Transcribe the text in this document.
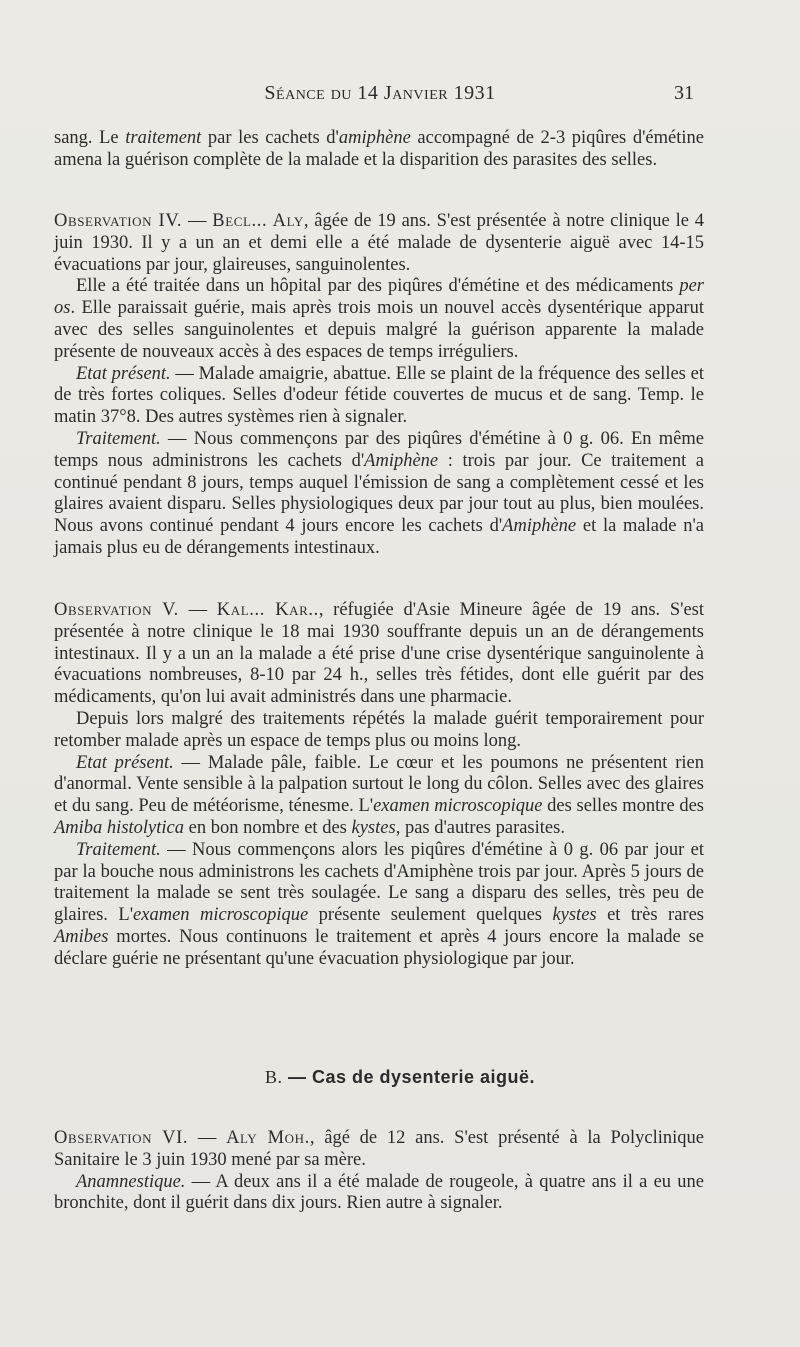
Séance du 14 Janvier 1931	31

sang. Le traitement par les cachets d'amiphène accompagné de 2-3 piqûres d'émétine amena la guérison complète de la malade et la disparition des parasites des selles.

Observation IV. — Becl... Aly, âgée de 19 ans. S'est présentée à notre clinique le 4 juin 1930. Il y a un an et demi elle a été malade de dysenterie aiguë avec 14-15 évacuations par jour, glaireuses, sanguinolentes.

Elle a été traitée dans un hôpital par des piqûres d'émétine et des médicaments per os. Elle paraissait guérie, mais après trois mois un nouvel accès dysentérique apparut avec des selles sanguinolentes et depuis malgré la guérison apparente la malade présente de nouveaux accès à des espaces de temps irréguliers.

Etat présent. — Malade amaigrie, abattue. Elle se plaint de la fréquence des selles et de très fortes coliques. Selles d'odeur fétide couvertes de mucus et de sang. Temp. le matin 37°8. Des autres systèmes rien à signaler.

Traitement. — Nous commençons par des piqûres d'émétine à 0 g. 06. En même temps nous administrons les cachets d'Amiphène : trois par jour. Ce traitement a continué pendant 8 jours, temps auquel l'émission de sang a complètement cessé et les glaires avaient disparu. Selles physiologiques deux par jour tout au plus, bien moulées. Nous avons continué pendant 4 jours encore les cachets d'Amiphène et la malade n'a jamais plus eu de dérangements intestinaux.

Observation V. — Kal... Kar.., réfugiée d'Asie Mineure âgée de 19 ans. S'est présentée à notre clinique le 18 mai 1930 souffrante depuis un an de dérangements intestinaux. Il y a un an la malade a été prise d'une crise dysentérique sanguinolente à évacuations nombreuses, 8-10 par 24 h., selles très fétides, dont elle guérit par des médicaments, qu'on lui avait administrés dans une pharmacie.

Depuis lors malgré des traitements répétés la malade guérit temporairement pour retomber malade après un espace de temps plus ou moins long.

Etat présent. — Malade pâle, faible. Le cœur et les poumons ne présentent rien d'anormal. Vente sensible à la palpation surtout le long du côlon. Selles avec des glaires et du sang. Peu de météorisme, ténesme. L'examen microscopique des selles montre des Amiba histolytica en bon nombre et des kystes, pas d'autres parasites.

Traitement. — Nous commençons alors les piqûres d'émétine à 0 g. 06 par jour et par la bouche nous administrons les cachets d'Amiphène trois par jour. Après 5 jours de traitement la malade se sent très soulagée. Le sang a disparu des selles, très peu de glaires. L'examen microscopique présente seulement quelques kystes et très rares Amibes mortes. Nous continuons le traitement et après 4 jours encore la malade se déclare guérie ne présentant qu'une évacuation physiologique par jour.

B. — Cas de dysenterie aiguë.

Observation VI. — Aly Moh., âgé de 12 ans. S'est présenté à la Polyclinique Sanitaire le 3 juin 1930 mené par sa mère.

Anamnestique. — A deux ans il a été malade de rougeole, à quatre ans il a eu une bronchite, dont il guérit dans dix jours. Rien autre à signaler.
